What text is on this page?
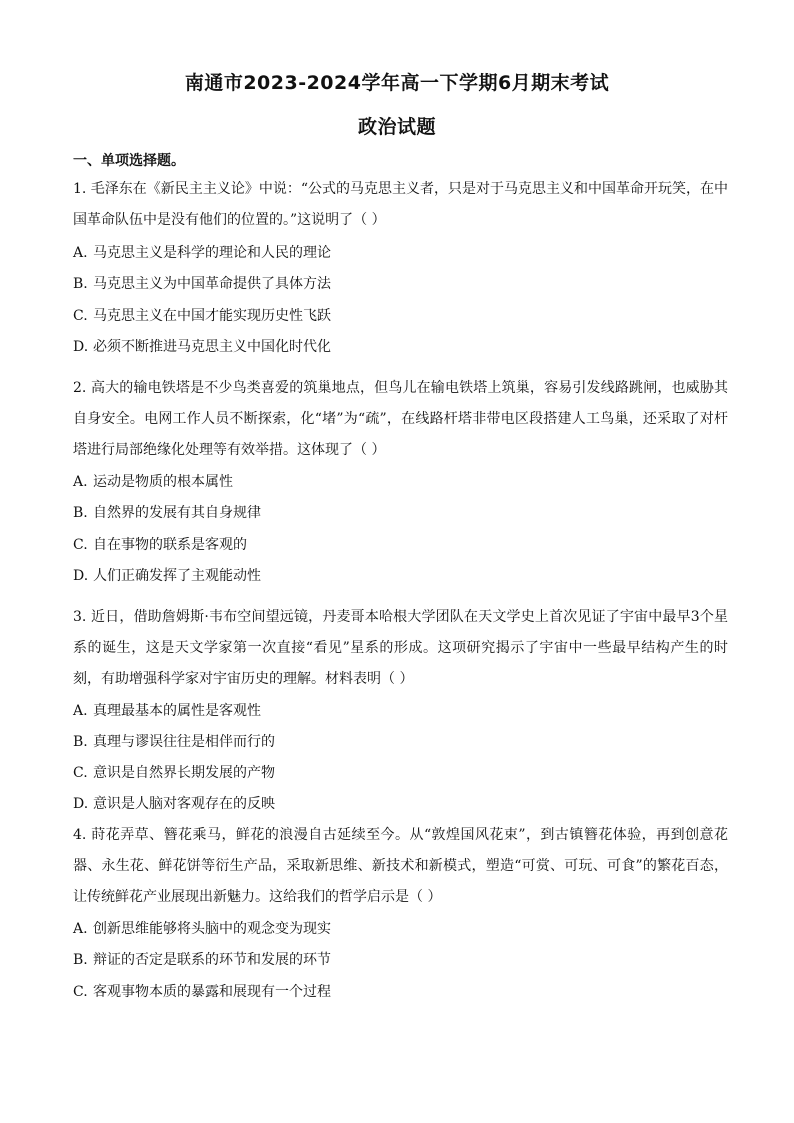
南通市2023-2024学年高一下学期6月期末考试
政治试题
一、单项选择题。
1. 毛泽东在《新民主主义论》中说：“公式的马克思主义者，只是对于马克思主义和中国革命开玩笑，在中国革命队伍中是没有他们的位置的。”这说明了（ ）
A. 马克思主义是科学的理论和人民的理论
B. 马克思主义为中国革命提供了具体方法
C. 马克思主义在中国才能实现历史性飞跃
D. 必须不断推进马克思主义中国化时代化
2. 高大的输电铁塔是不少鸟类喜爱的筑巢地点，但鸟儿在输电铁塔上筑巢，容易引发线路跳闸，也威胁其自身安全。电网工作人员不断探索，化“堵”为“疏”，在线路杆塔非带电区段搭建人工鸟巢，还采取了对杆塔进行局部绝缘化处理等有效举措。这体现了（ ）
A. 运动是物质的根本属性
B. 自然界的发展有其自身规律
C. 自在事物的联系是客观的
D. 人们正确发挥了主观能动性
3. 近日，借助詹姆斯·韦布空间望远镜，丹麦哥本哈根大学团队在天文学史上首次见证了宇宙中最早3个星系的诞生，这是天文学家第一次直接“看见”星系的形成。这项研究揭示了宇宙中一些最早结构产生的时刻，有助增强科学家对宇宙历史的理解。材料表明（ ）
A. 真理最基本的属性是客观性
B. 真理与谬误往往是相伴而行的
C. 意识是自然界长期发展的产物
D. 意识是人脑对客观存在的反映
4. 莳花弄草、簪花乘马，鲜花的浪漫自古延续至今。从“敦煌国风花束”，到古镇簪花体验，再到创意花器、永生花、鲜花饼等衍生产品，采取新思维、新技术和新模式，塑造“可赏、可玩、可食”的繁花百态，让传统鲜花产业展现出新魅力。这给我们的哲学启示是（ ）
A. 创新思维能够将头脑中的观念变为现实
B. 辩证的否定是联系的环节和发展的环节
C. 客观事物本质的暴露和展现有一个过程
